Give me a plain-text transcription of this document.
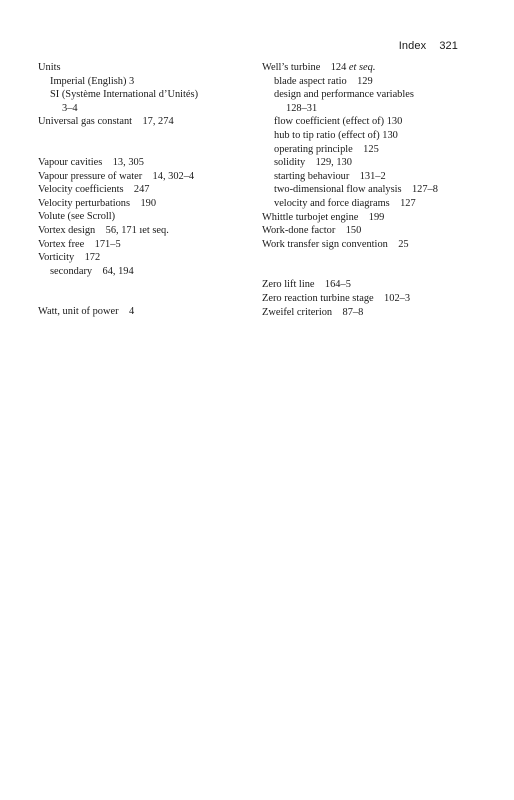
Index 321
Units
Imperial (English) 3
SI (Système International d’Unités)
3–4
Universal gas constant  17, 274
Vapour cavities  13, 305
Vapour pressure of water  14, 302–4
Velocity coefficients  247
Velocity perturbations  190
Volute (see Scroll)
Vortex design  56, 171 ıet seq.
Vortex free  171–5
Vorticity  172
secondary  64, 194
Watt, unit of power  4
Well’s turbine  124 et seq.
blade aspect ratio  129
design and performance variables
128–31
flow coefficient (effect of) 130
hub to tip ratio (effect of) 130
operating principle  125
solidity  129, 130
starting behaviour  131–2
two-dimensional flow analysis  127–8
velocity and force diagrams  127
Whittle turbojet engine  199
Work-done factor  150
Work transfer sign convention  25
Zero lift line  164–5
Zero reaction turbine stage  102–3
Zweifel criterion  87–8
